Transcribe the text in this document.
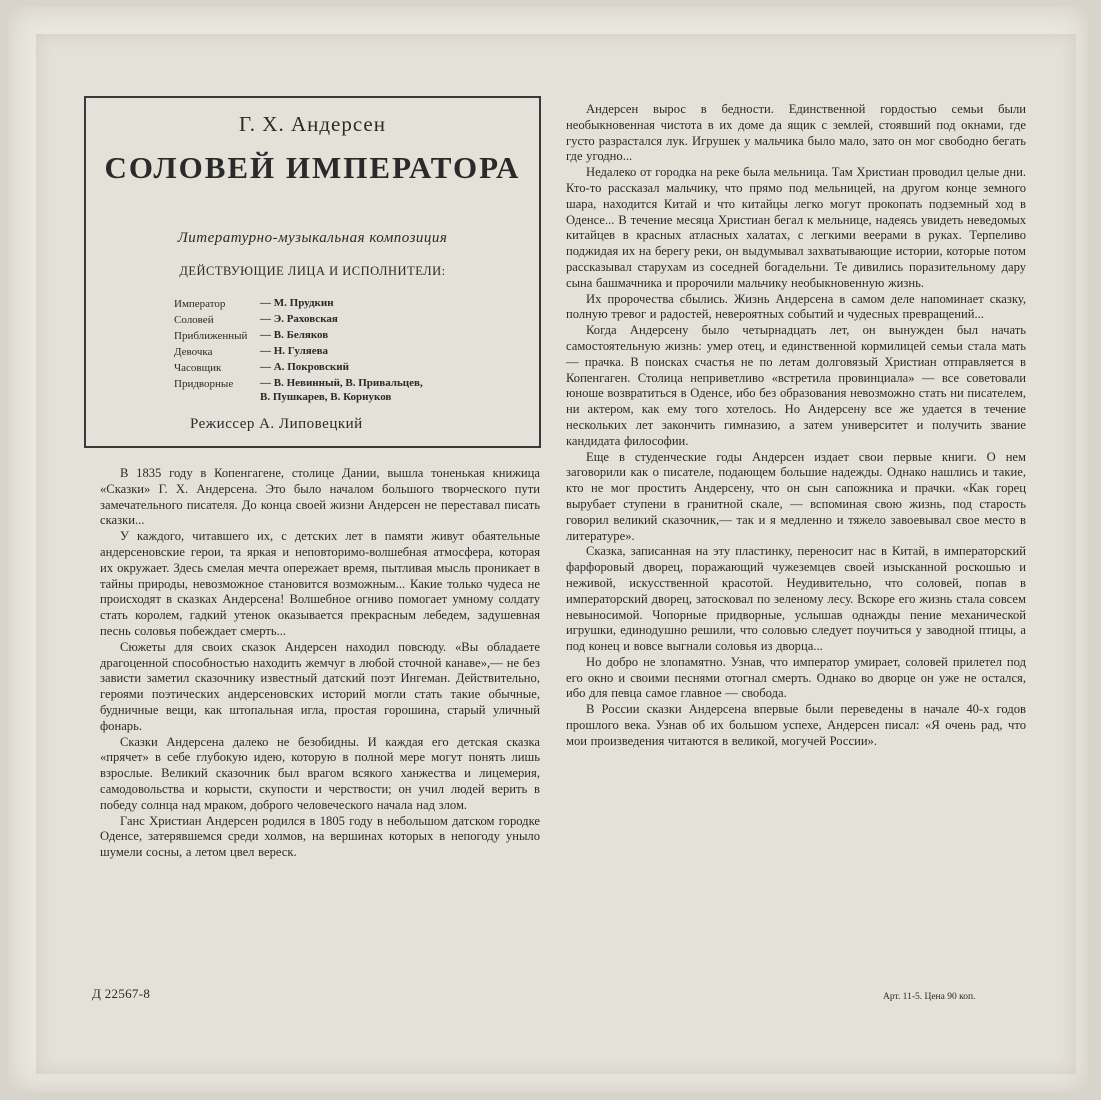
Г. Х. Андерсен
СОЛОВЕЙ ИМПЕРАТОРА
Литературно-музыкальная композиция
ДЕЙСТВУЮЩИЕ ЛИЦА И ИСПОЛНИТЕЛИ:
Император	— М. Прудкин
Соловей	— Э. Раховская
Приближенный	— В. Беляков
Девочка	— Н. Гуляева
Часовщик	— А. Покровский
Придворные	— В. Невинный, В. Привальцев,
В. Пушкарев, В. Корнуков
Режиссер А. Липовецкий

В 1835 году в Копенгагене, столице Дании, вышла тоненькая книжица «Сказки» Г. Х. Андерсена. Это было началом большого творческого пути замечательного писателя. До конца своей жизни Андерсен не переставал писать сказки...

У каждого, читавшего их, с детских лет в памяти живут обаятельные андерсеновские герои, та яркая и неповторимо-волшебная атмосфера, которая их окружает. Здесь смелая мечта опережает время, пытливая мысль проникает в тайны природы, невозможное становится возможным... Какие только чудеса не происходят в сказках Андерсена! Волшебное огниво помогает умному солдату стать королем, гадкий утенок оказывается прекрасным лебедем, задушевная песнь соловья побеждает смерть...

Сюжеты для своих сказок Андерсен находил повсюду. «Вы обладаете драгоценной способностью находить жемчуг в любой сточной канаве»,— не без зависти заметил сказочнику известный датский поэт Ингеман. Действительно, героями поэтических андерсеновских историй могли стать такие обычные, будничные вещи, как штопальная игла, простая горошина, старый уличный фонарь.

Сказки Андерсена далеко не безобидны. И каждая его детская сказка «прячет» в себе глубокую идею, которую в полной мере могут понять лишь взрослые. Великий сказочник был врагом всякого ханжества и лицемерия, самодовольства и корысти, скупости и черствости; он учил людей верить в победу солнца над мраком, доброго человеческого начала над злом.

Ганс Христиан Андерсен родился в 1805 году в небольшом датском городке Оденсе, затерявшемся среди холмов, на вершинах которых в непогоду уныло шумели сосны, а летом цвел вереск.

Андерсен вырос в бедности. Единственной гордостью семьи были необыкновенная чистота в их доме да ящик с землей, стоявший под окнами, где густо разрастался лук. Игрушек у мальчика было мало, зато он мог свободно бегать где угодно...

Недалеко от городка на реке была мельница. Там Христиан проводил целые дни. Кто-то рассказал мальчику, что прямо под мельницей, на другом конце земного шара, находится Китай и что китайцы легко могут прокопать подземный ход в Оденсе... В течение месяца Христиан бегал к мельнице, надеясь увидеть неведомых китайцев в красных атласных халатах, с легкими веерами в руках. Терпеливо поджидая их на берегу реки, он выдумывал захватывающие истории, которые потом рассказывал старухам из соседней богадельни. Те дивились поразительному дару сына башмачника и пророчили мальчику необыкновенную жизнь.

Их пророчества сбылись. Жизнь Андерсена в самом деле напоминает сказку, полную тревог и радостей, невероятных событий и чудесных превращений...

Когда Андерсену было четырнадцать лет, он вынужден был начать самостоятельную жизнь: умер отец, и единственной кормилицей семьи стала мать — прачка. В поисках счастья не по летам долговязый Христиан отправляется в Копенгаген. Столица неприветливо «встретила провинциала» — все советовали юноше возвратиться в Оденсе, ибо без образования невозможно стать ни писателем, ни актером, как ему того хотелось. Но Андерсену все же удается в течение нескольких лет закончить гимназию, а затем университет и получить звание кандидата философии.

Еще в студенческие годы Андерсен издает свои первые книги. О нем заговорили как о писателе, подающем большие надежды. Однако нашлись и такие, кто не мог простить Андерсену, что он сын сапожника и прачки. «Как горец вырубает ступени в гранитной скале, — вспоминая свою жизнь, под старость говорил великий сказочник,— так и я медленно и тяжело завоевывал свое место в литературе».

Сказка, записанная на эту пластинку, переносит нас в Китай, в императорский фарфоровый дворец, поражающий чужеземцев своей изысканной роскошью и неживой, искусственной красотой. Неудивительно, что соловей, попав в императорский дворец, затосковал по зеленому лесу. Вскоре его жизнь стала совсем невыносимой. Чопорные придворные, услышав однажды пение механической игрушки, единодушно решили, что соловью следует поучиться у заводной птицы, а под конец и вовсе выгнали соловья из дворца...

Но добро не злопамятно. Узнав, что император умирает, соловей прилетел под его окно и своими песнями отогнал смерть. Однако во дворце он уже не остался, ибо для певца самое главное — свобода.

В России сказки Андерсена впервые были переведены в начале 40-х годов прошлого века. Узнав об их большом успехе, Андерсен писал: «Я очень рад, что мои произведения читаются в великой, могучей России».

Д 22567-8	Арт. 11-5. Цена 90 коп.
